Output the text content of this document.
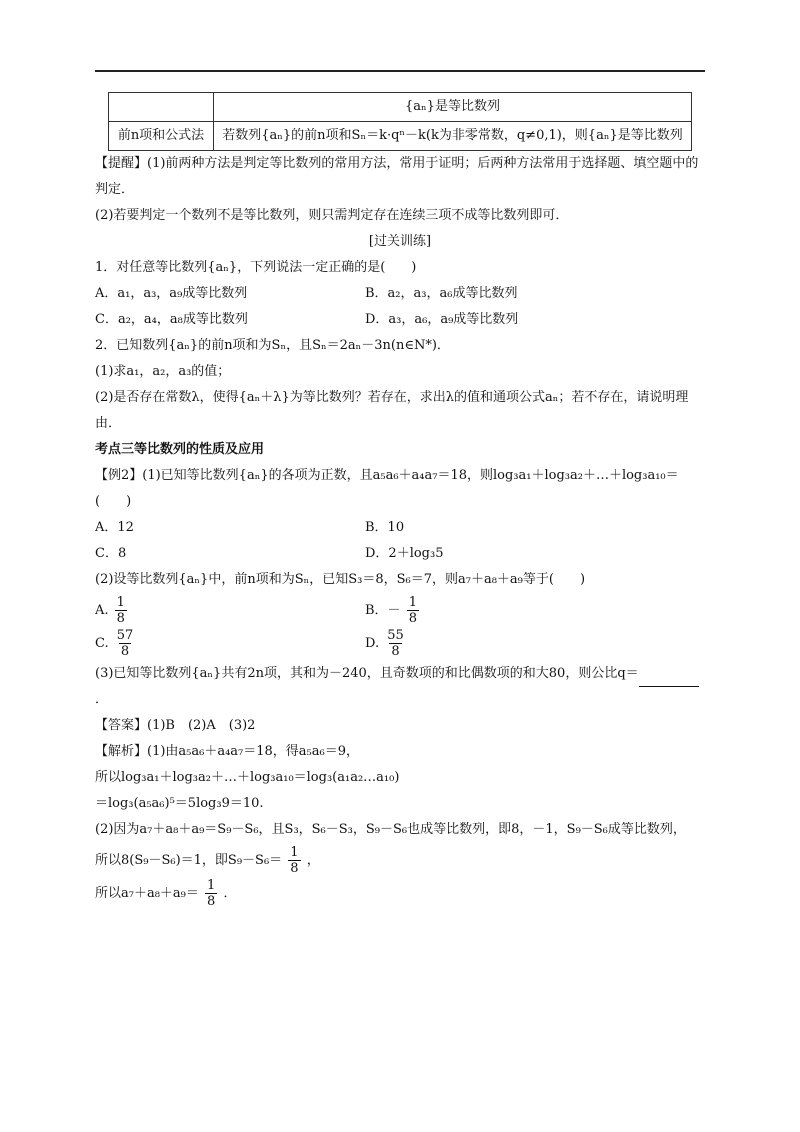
	{aₙ}是等比数列
前n项和公式法	若数列{aₙ}的前n项和Sₙ＝k·qⁿ－k(k为非零常数，q≠0,1)，则{aₙ}是等比数列
【提醒】(1)前两种方法是判定等比数列的常用方法，常用于证明；后两种方法常用于选择题、填空题中的判定．
(2)若要判定一个数列不是等比数列，则只需判定存在连续三项不成等比数列即可．
[过关训练]
1．对任意等比数列{aₙ}，下列说法一定正确的是(　　)
A．a₁，a₃，a₉成等比数列	B．a₂，a₃，a₆成等比数列
C．a₂，a₄，a₈成等比数列	D．a₃，a₆，a₉成等比数列
2．已知数列{aₙ}的前n项和为Sₙ，且Sₙ＝2aₙ－3n(n∈N*)．
(1)求a₁，a₂，a₃的值；
(2)是否存在常数λ，使得{aₙ＋λ}为等比数列？若存在，求出λ的值和通项公式aₙ；若不存在，请说明理由．
考点三等比数列的性质及应用
【例2】(1)已知等比数列{aₙ}的各项为正数，且a₅a₆＋a₄a₇＝18，则log₃a₁＋log₃a₂＋…＋log₃a₁₀＝(　　)
A．12	B．10
C．8	D．2＋log₃5
(2)设等比数列{aₙ}中，前n项和为Sₙ，已知S₃＝8，S₆＝7，则a₇＋a₈＋a₉等于(　　)
A. $\frac{1}{8}$	B．－ $\frac{1}{8}$
C. $\frac{57}{8}$	D. $\frac{55}{8}$
(3)已知等比数列{aₙ}共有2n项，其和为－240，且奇数项的和比偶数项的和大80，则公比q＝．
【答案】(1)B　(2)A　(3)2
【解析】(1)由a₅a₆＋a₄a₇＝18，得a₅a₆＝9，
所以log₃a₁＋log₃a₂＋…＋log₃a₁₀＝log₃(a₁a₂…a₁₀)
＝log₃(a₅a₆)⁵＝5log₃9＝10.
(2)因为a₇＋a₈＋a₉＝S₉－S₆，且S₃，S₆－S₃，S₉－S₆也成等比数列，即8，－1，S₉－S₆成等比数列，
所以8(S₉－S₆)＝1，即$S_9-S_6= \frac{1}{8}$ ，
所以$a_7+a_8+a_9= \frac{1}{8}$ ．
